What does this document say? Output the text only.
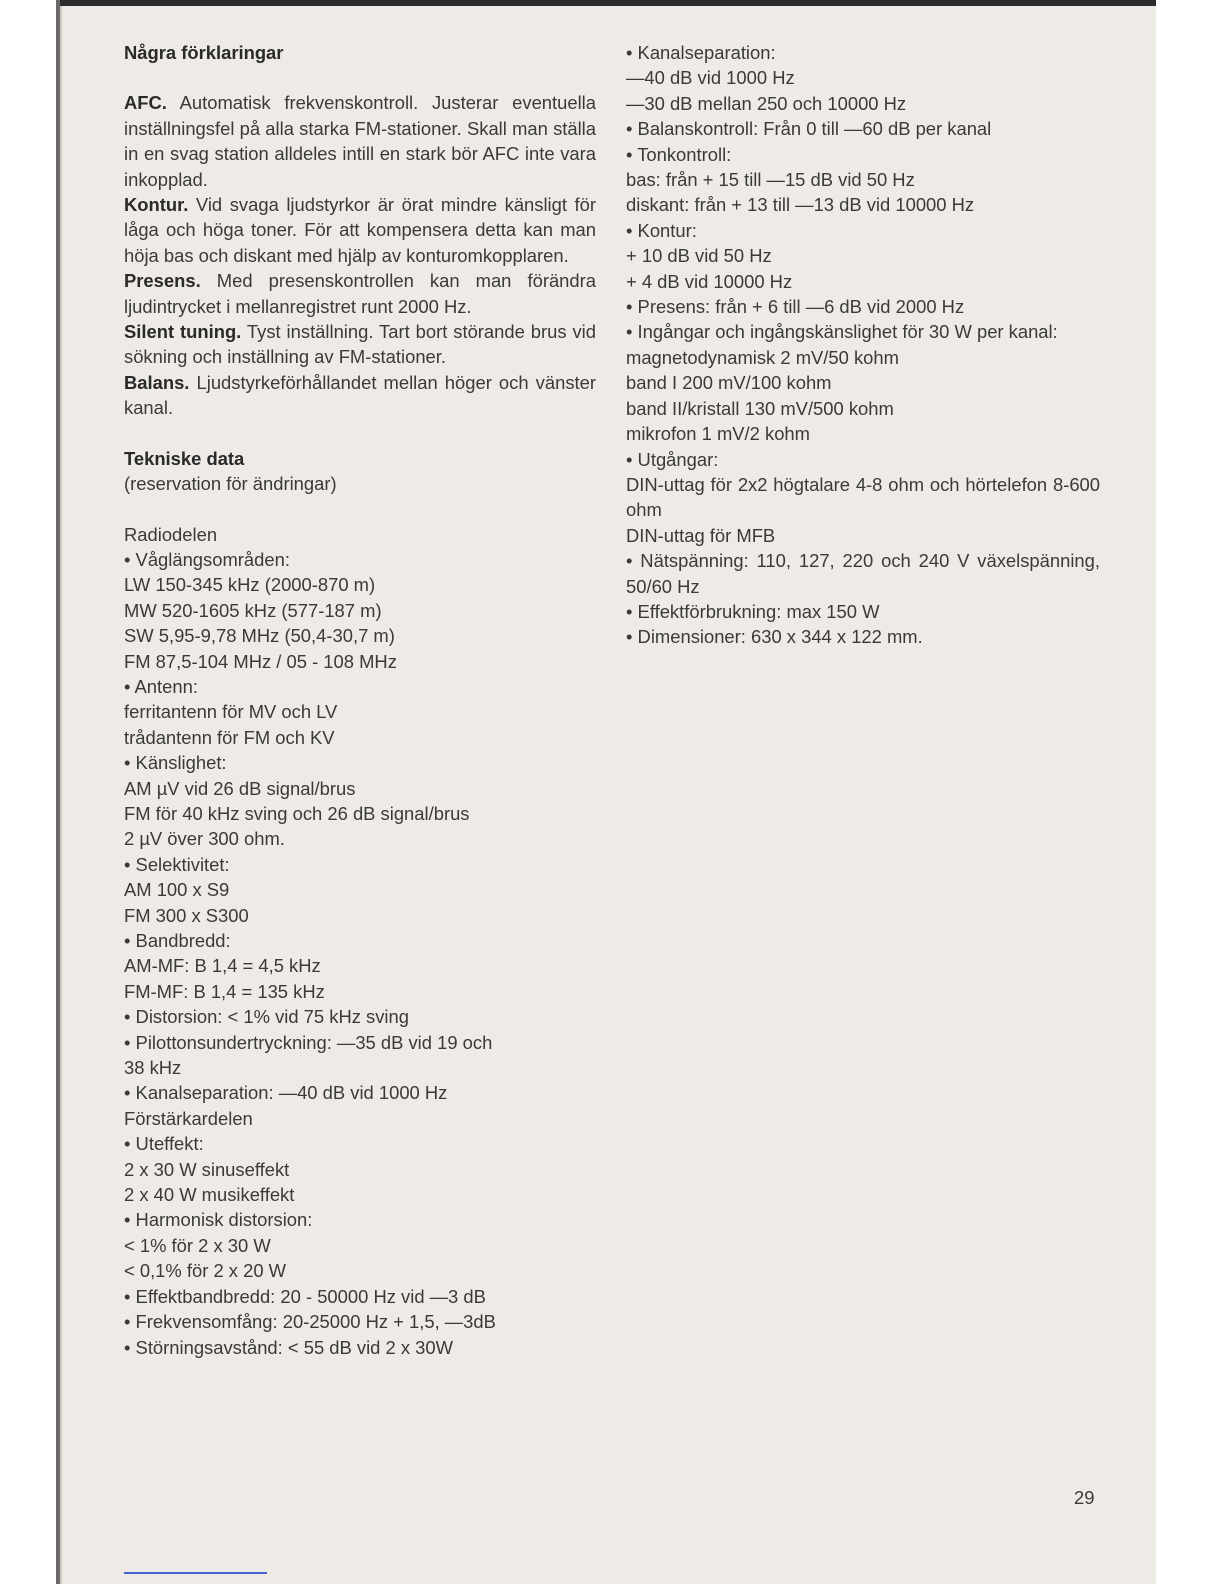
Några förklaringar

AFC. Automatisk frekvenskontroll. Justerar eventuella inställningsfel på alla starka FM-stationer. Skall man ställa in en svag station alldeles intill en stark bör AFC inte vara inkopplad.

Kontur. Vid svaga ljudstyrkor är örat mindre känsligt för låga och höga toner. För att kompensera detta kan man höja bas och diskant med hjälp av konturomkopplaren.

Presens. Med presenskontrollen kan man förändra ljudintrycket i mellanregistret runt 2000 Hz.

Silent tuning. Tyst inställning. Tart bort störande brus vid sökning och inställning av FM-stationer.

Balans. Ljudstyrkeförhållandet mellan höger och vänster kanal.

Tekniske data

(reservation för ändringar)

Radiodelen

• Våglängsområden:

LW 150-345 kHz (2000-870 m)

MW 520-1605 kHz (577-187 m)

SW 5,95-9,78 MHz (50,4-30,7 m)

FM 87,5-104 MHz / 05 - 108 MHz

• Antenn:

ferritantenn för MV och LV

trådantenn för FM och KV

• Känslighet:

AM µV vid 26 dB signal/brus

FM för 40 kHz sving och 26 dB signal/brus

2 µV över 300 ohm.

• Selektivitet:

AM 100 x S9

FM 300 x S300

• Bandbredd:

AM-MF: B 1,4 = 4,5 kHz

FM-MF: B 1,4 = 135 kHz

• Distorsion: < 1% vid 75 kHz sving

• Pilottonsundertryckning: —35 dB vid 19 och

38 kHz

• Kanalseparation: —40 dB vid 1000 Hz

Förstärkardelen

• Uteffekt:

2 x 30 W sinuseffekt

2 x 40 W musikeffekt

• Harmonisk distorsion:

< 1% för 2 x 30 W

< 0,1% för 2 x 20 W

• Effektbandbredd: 20 - 50000 Hz vid —3 dB

• Frekvensomfång: 20-25000 Hz + 1,5, —3dB

• Störningsavstånd: < 55 dB vid 2 x 30W

• Kanalseparation:

—40 dB vid 1000 Hz

—30 dB mellan 250 och 10000 Hz

• Balanskontroll: Från 0 till —60 dB per kanal

• Tonkontroll:

bas: från + 15 till —15 dB vid 50 Hz

diskant: från + 13 till —13 dB vid 10000 Hz

• Kontur:

+ 10 dB vid 50 Hz

+ 4 dB vid 10000 Hz

• Presens: från + 6 till —6 dB vid 2000 Hz

• Ingångar och ingångskänslighet för 30 W per kanal:

magnetodynamisk 2 mV/50 kohm

band I 200 mV/100 kohm

band II/kristall 130 mV/500 kohm

mikrofon 1 mV/2 kohm

• Utgångar:

DIN-uttag för 2x2 högtalare 4-8 ohm och hörtelefon 8-600 ohm

DIN-uttag för MFB

• Nätspänning: 110, 127, 220 och 240 V växelspänning, 50/60 Hz

• Effektförbrukning: max 150 W

• Dimensioner: 630 x 344 x 122 mm.

29
